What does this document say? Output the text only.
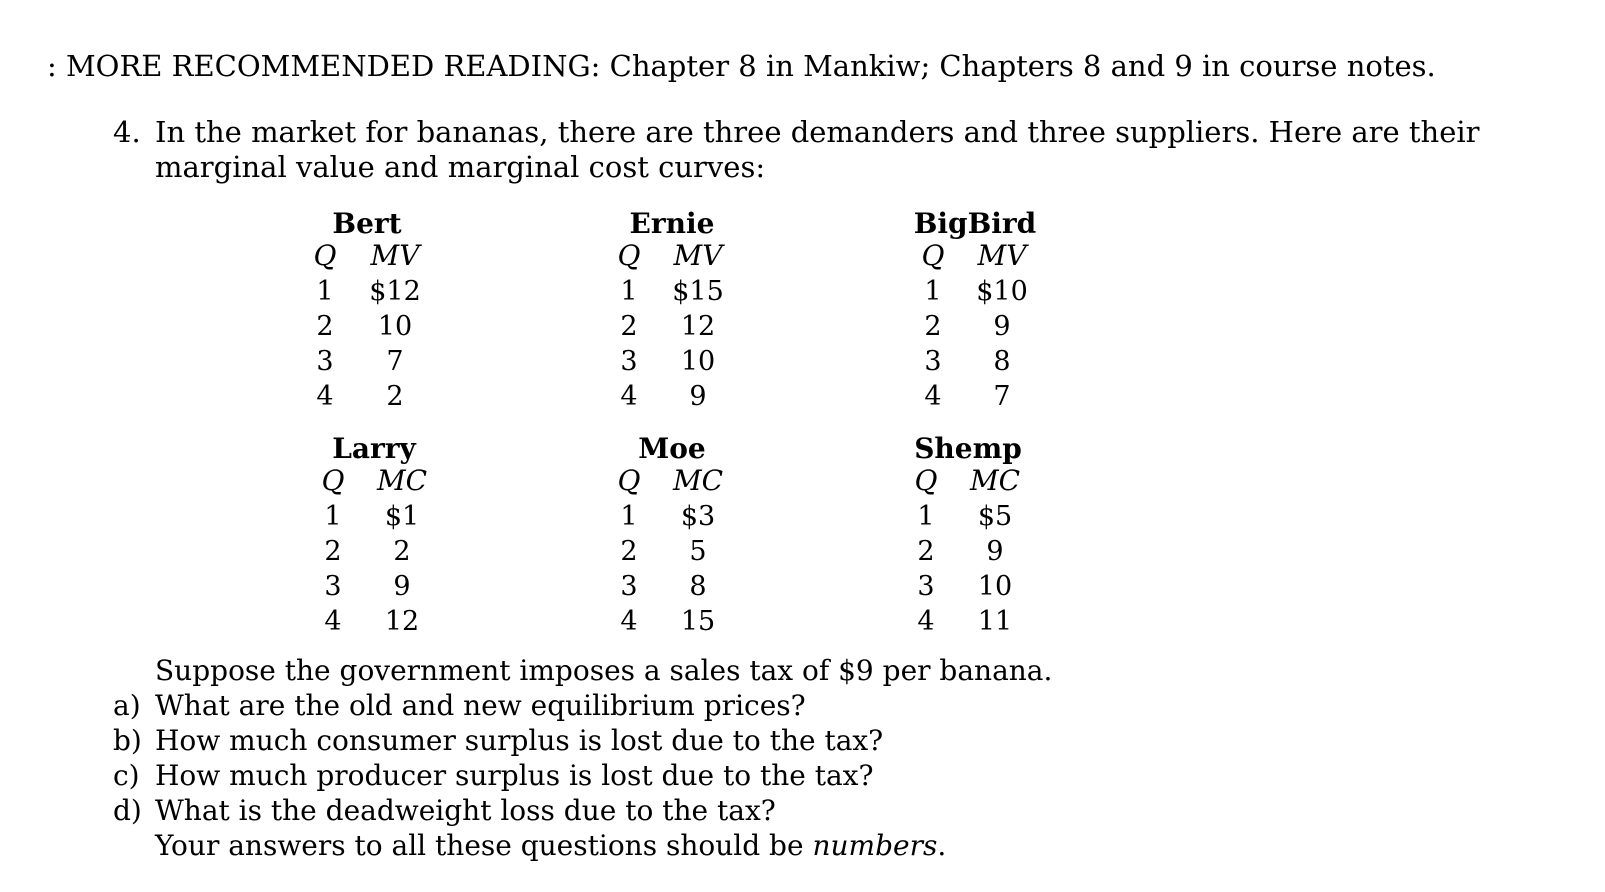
: MORE RECOMMENDED READING: Chapter 8 in Mankiw; Chapters 8 and 9 in course notes.
4. In the market for bananas, there are three demanders and three suppliers. Here are their
marginal value and marginal cost curves:
Bert
Q MV
1 $12
2 10
3 7
4 2
Ernie
Q MV
1 $15
2 12
3 10
4 9
BigBird
Q MV
1 $10
2 9
3 8
4 7
Larry
Q MC
1 $1
2 2
3 9
4 12
Moe
Q MC
1 $3
2 5
3 8
4 15
Shemp
Q MC
1 $5
2 9
3 10
4 11
Suppose the government imposes a sales tax of $9 per banana.
a) What are the old and new equilibrium prices?
b) How much consumer surplus is lost due to the tax?
c) How much producer surplus is lost due to the tax?
d) What is the deadweight loss due to the tax?
Your answers to all these questions should be numbers.
